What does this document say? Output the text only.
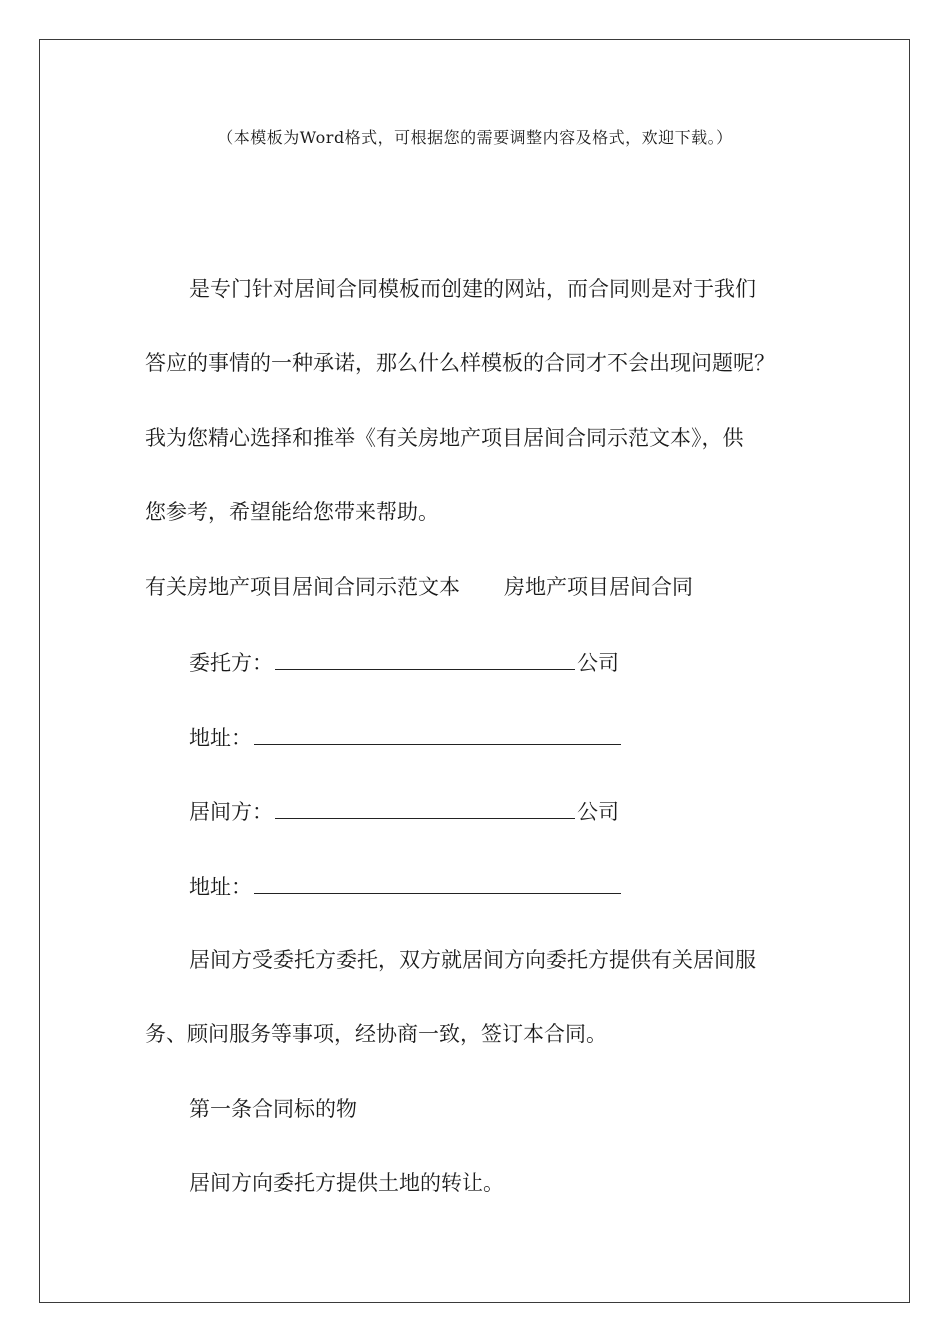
（本模板为Word格式，可根据您的需要调整内容及格式，欢迎下载。）
是专门针对居间合同模板而创建的网站，而合同则是对于我们
答应的事情的一种承诺，那么什么样模板的合同才不会出现问题呢？
我为您精心选择和推举《有关房地产项目居间合同示范文本》，供
您参考，希望能给您带来帮助。
有关房地产项目居间合同示范文本 房地产项目居间合同
委托方：	公司
地址：
居间方：	公司
地址：
居间方受委托方委托，双方就居间方向委托方提供有关居间服
务、顾问服务等事项，经协商一致，签订本合同。
第一条合同标的物
居间方向委托方提供土地的转让。
